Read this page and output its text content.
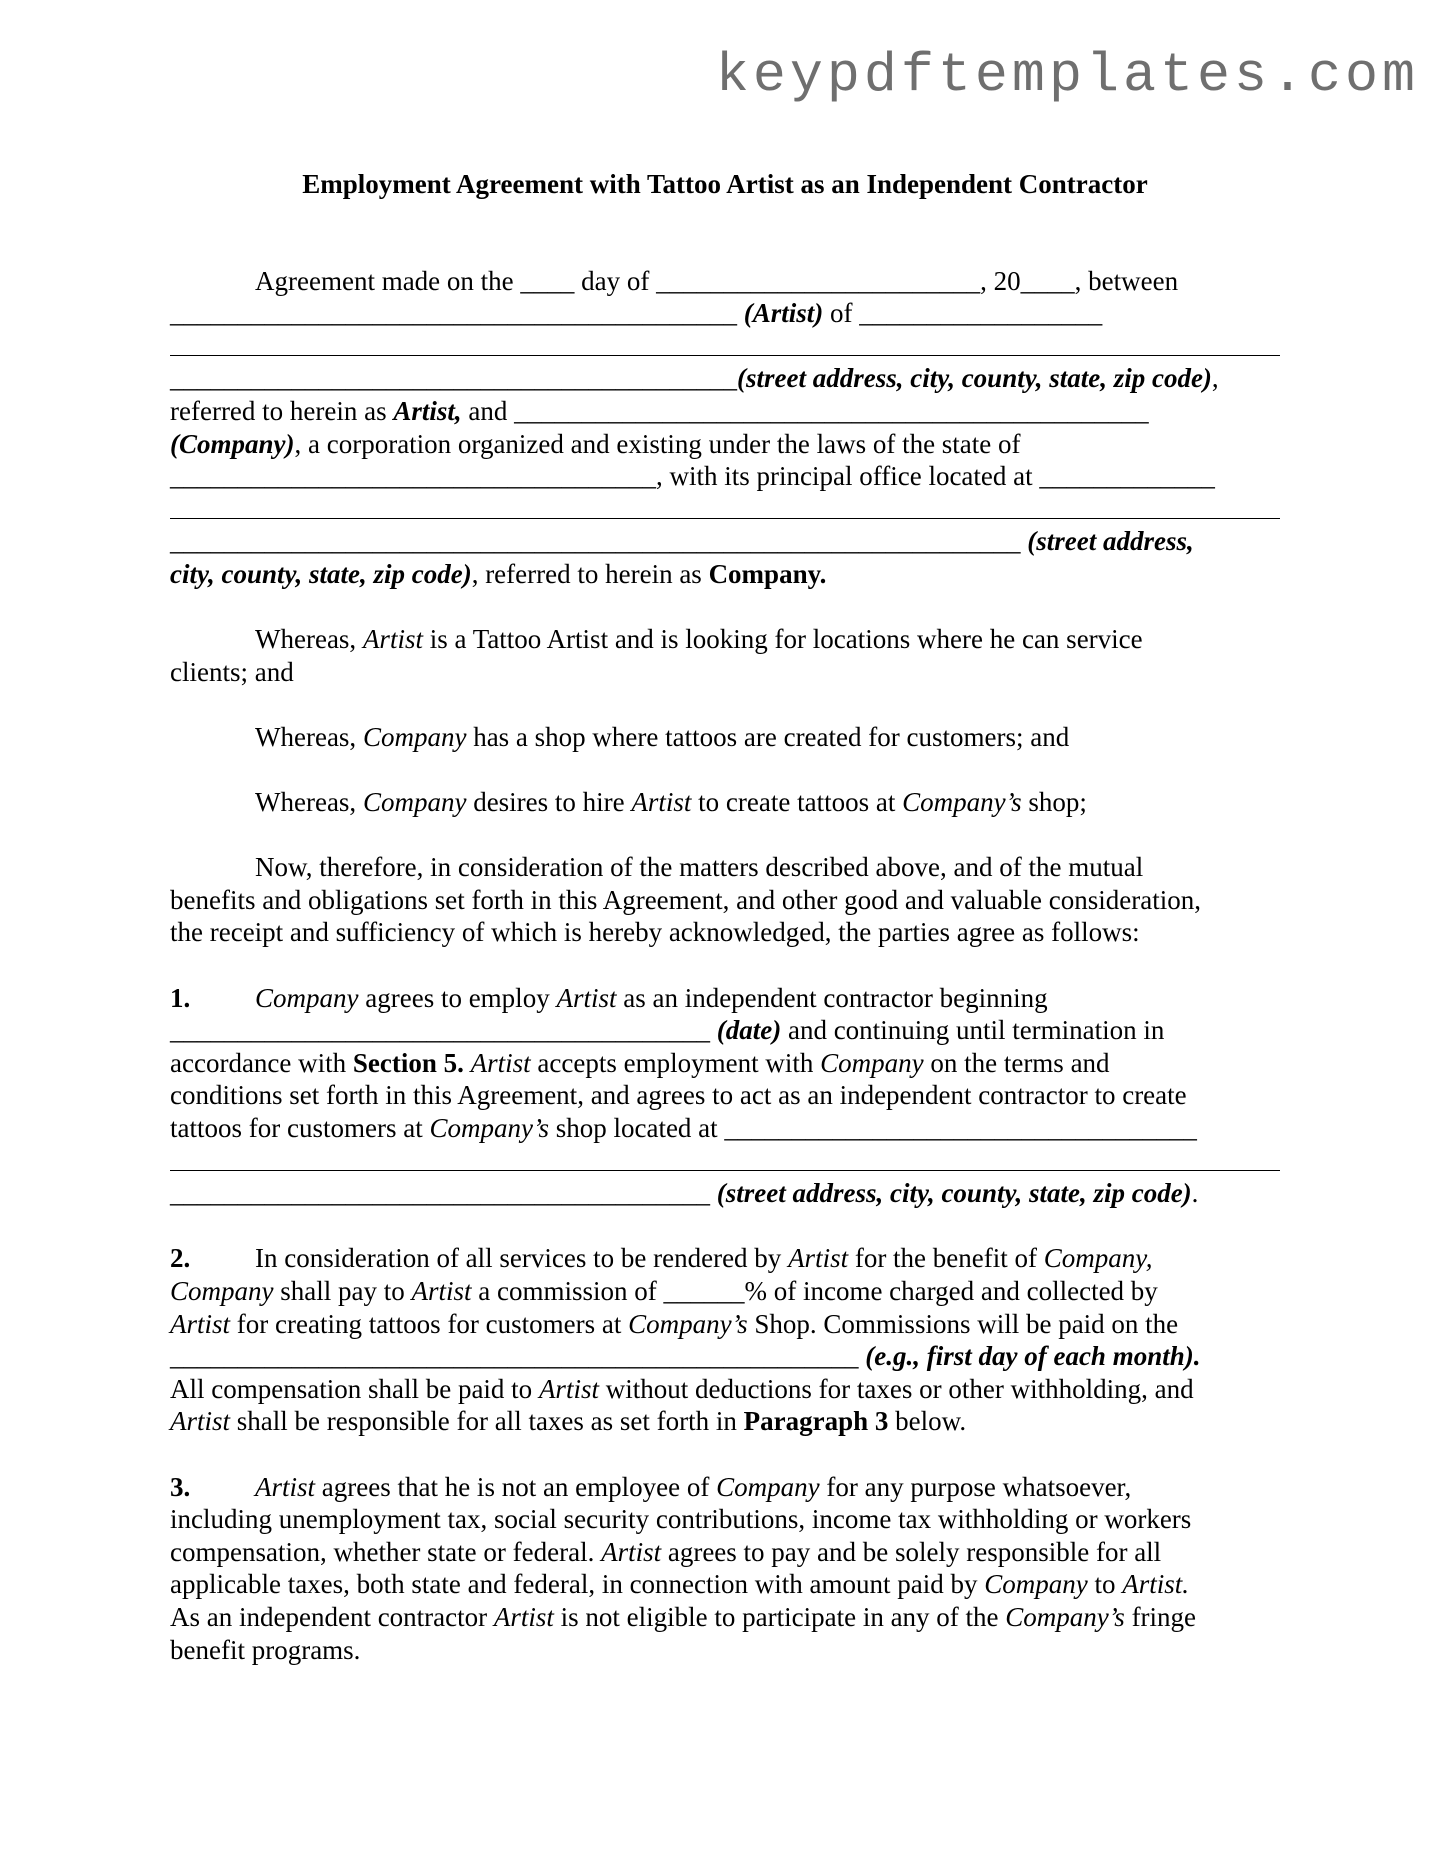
keypdftemplates.com
Employment Agreement with Tattoo Artist as an Independent Contractor
Agreement made on the ____ day of ________________________, 20____, between
__________________________________________ (Artist) of __________________
__________________________________________(street address, city, county, state, zip code),
referred to herein as Artist, and _______________________________________________
(Company), a corporation organized and existing under the laws of the state of
____________________________________, with its principal office located at _____________
_______________________________________________________________ (street address,
city, county, state, zip code), referred to herein as Company.
Whereas, Artist is a Tattoo Artist and is looking for locations where he can service
clients; and
Whereas, Company has a shop where tattoos are created for customers; and
Whereas, Company desires to hire Artist to create tattoos at Company’s shop;
Now, therefore, in consideration of the matters described above, and of the mutual
benefits and obligations set forth in this Agreement, and other good and valuable consideration,
the receipt and sufficiency of which is hereby acknowledged, the parties agree as follows:
1. Company agrees to employ Artist as an independent contractor beginning
________________________________________ (date) and continuing until termination in
accordance with Section 5. Artist accepts employment with Company on the terms and
conditions set forth in this Agreement, and agrees to act as an independent contractor to create
tattoos for customers at Company’s shop located at ___________________________________
________________________________________ (street address, city, county, state, zip code).
2. In consideration of all services to be rendered by Artist for the benefit of Company,
Company shall pay to Artist a commission of ______% of income charged and collected by
Artist for creating tattoos for customers at Company’s Shop. Commissions will be paid on the
___________________________________________________ (e.g., first day of each month).
All compensation shall be paid to Artist without deductions for taxes or other withholding, and
Artist shall be responsible for all taxes as set forth in Paragraph 3 below.
3. Artist agrees that he is not an employee of Company for any purpose whatsoever,
including unemployment tax, social security contributions, income tax withholding or workers
compensation, whether state or federal. Artist agrees to pay and be solely responsible for all
applicable taxes, both state and federal, in connection with amount paid by Company to Artist.
As an independent contractor Artist is not eligible to participate in any of the Company’s fringe
benefit programs.
